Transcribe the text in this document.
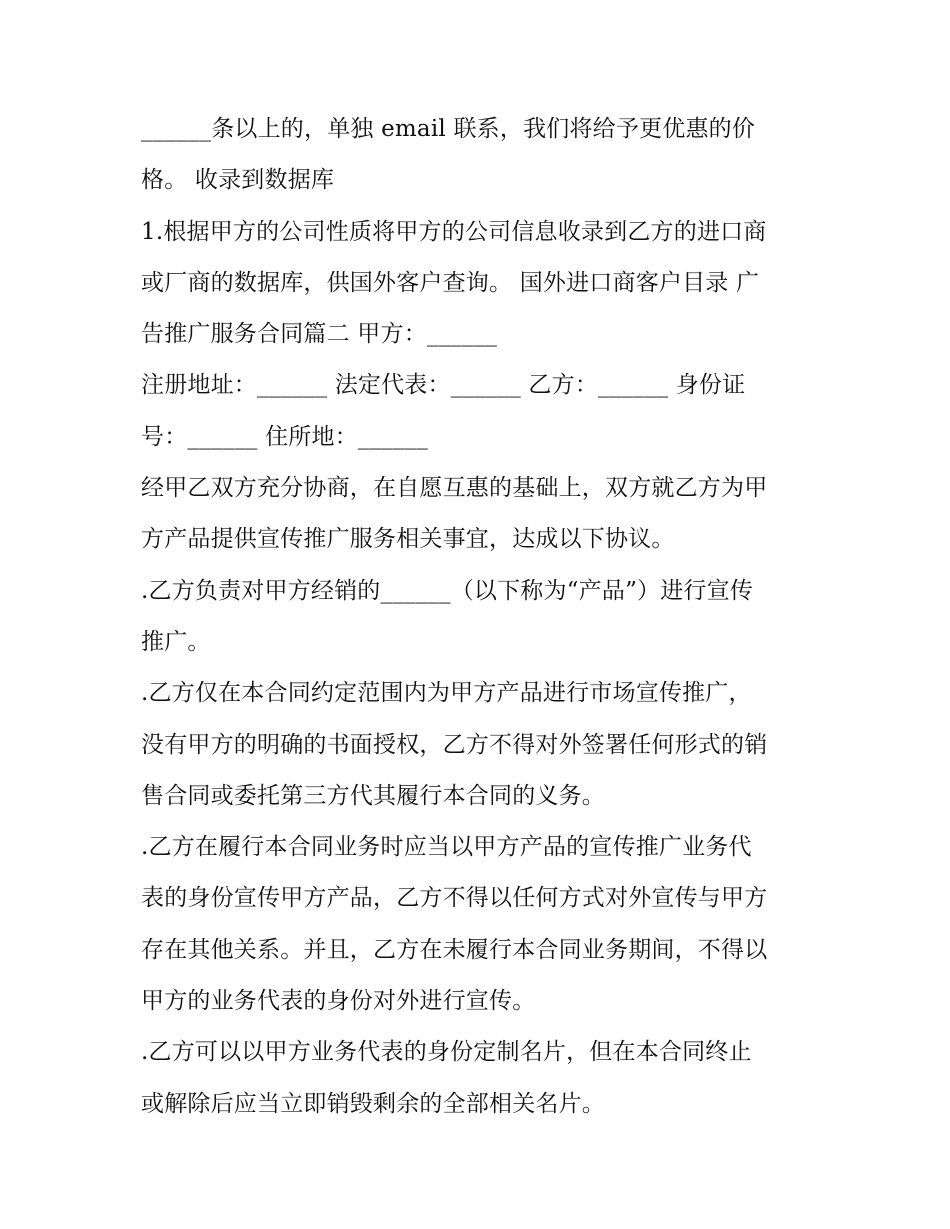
______条以上的，单独 email 联系，我们将给予更优惠的价
格。 收录到数据库
1.根据甲方的公司性质将甲方的公司信息收录到乙方的进口商
或厂商的数据库，供国外客户查询。 国外进口商客户目录 广
告推广服务合同篇二 甲方：______
注册地址：______ 法定代表：______ 乙方：______ 身份证
号：______ 住所地：______
经甲乙双方充分协商，在自愿互惠的基础上，双方就乙方为甲
方产品提供宣传推广服务相关事宜，达成以下协议。
.乙方负责对甲方经销的______（以下称为“产品”）进行宣传
推广。
.乙方仅在本合同约定范围内为甲方产品进行市场宣传推广，
没有甲方的明确的书面授权，乙方不得对外签署任何形式的销
售合同或委托第三方代其履行本合同的义务。
.乙方在履行本合同业务时应当以甲方产品的宣传推广业务代
表的身份宣传甲方产品，乙方不得以任何方式对外宣传与甲方
存在其他关系。并且，乙方在未履行本合同业务期间，不得以
甲方的业务代表的身份对外进行宣传。
.乙方可以以甲方业务代表的身份定制名片，但在本合同终止
或解除后应当立即销毁剩余的全部相关名片。
